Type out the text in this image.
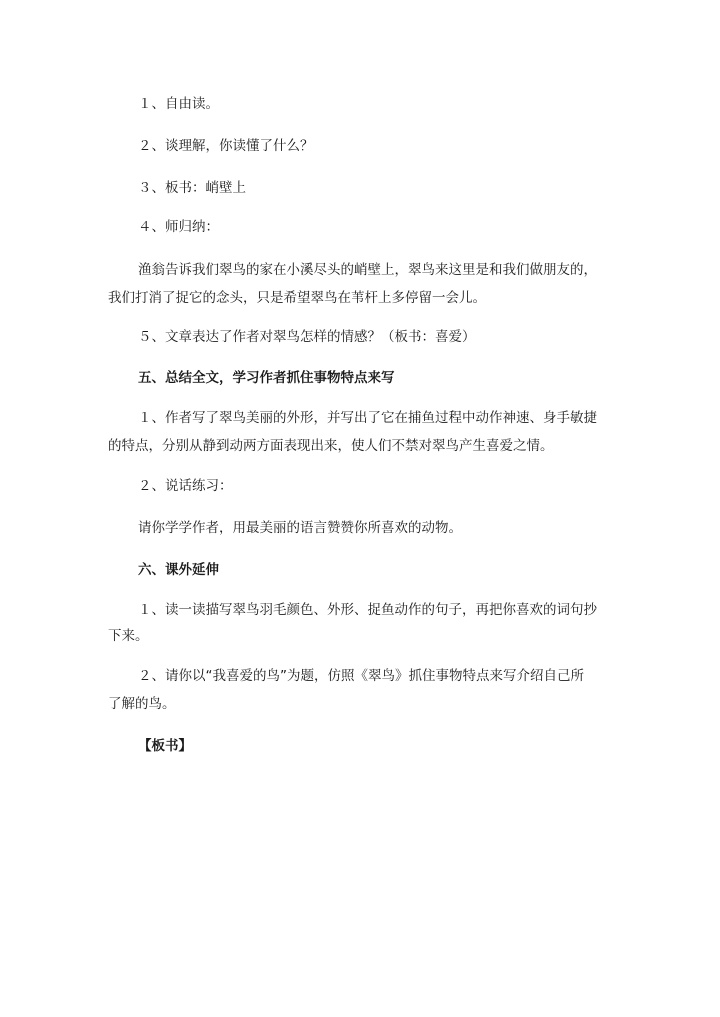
１、自由读。
２、谈理解，你读懂了什么？
３、板书：峭壁上
４、师归纳：
渔翁告诉我们翠鸟的家在小溪尽头的峭壁上，翠鸟来这里是和我们做朋友的，
我们打消了捉它的念头，只是希望翠鸟在苇杆上多停留一会儿。
５、文章表达了作者对翠鸟怎样的情感？（板书：喜爱）
五、总结全文，学习作者抓住事物特点来写
１、作者写了翠鸟美丽的外形，并写出了它在捕鱼过程中动作神速、身手敏捷
的特点，分别从静到动两方面表现出来，使人们不禁对翠鸟产生喜爱之情。
２、说话练习：
请你学学作者，用最美丽的语言赞赞你所喜欢的动物。
六、课外延伸
１、读一读描写翠鸟羽毛颜色、外形、捉鱼动作的句子，再把你喜欢的词句抄
下来。
２、请你以“我喜爱的鸟”为题，仿照《翠鸟》抓住事物特点来写介绍自己所
了解的鸟。
【板书】
